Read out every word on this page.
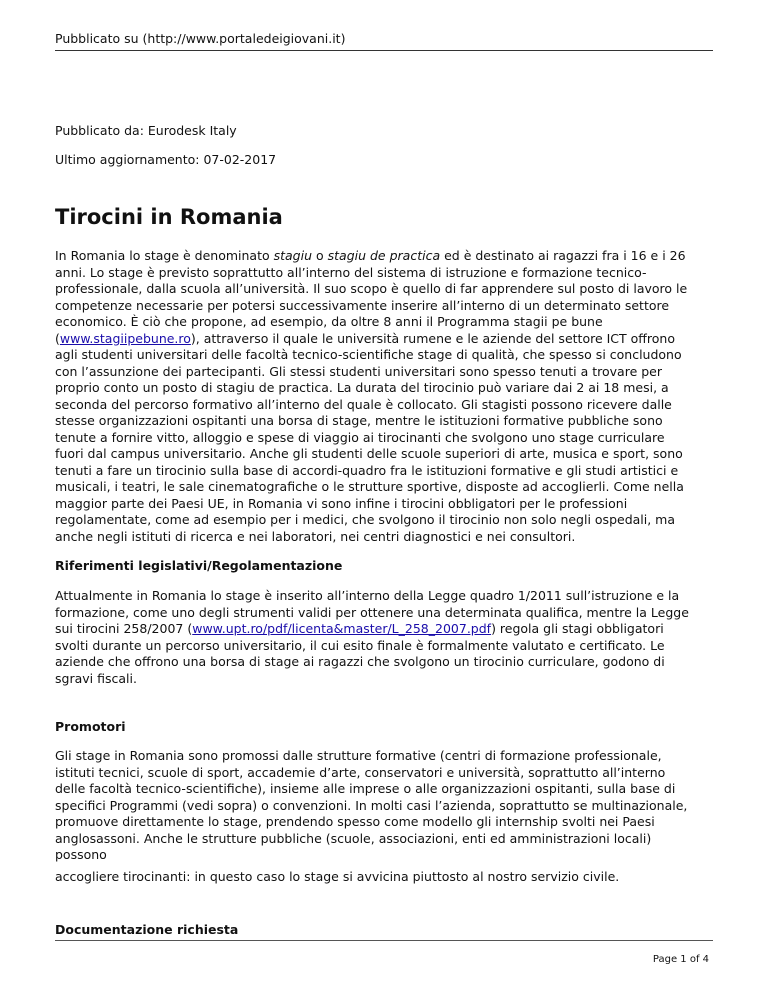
Pubblicato su (http://www.portaledeigiovani.it)
Pubblicato da: Eurodesk Italy
Ultimo aggiornamento: 07-02-2017
Tirocini in Romania
In Romania lo stage è denominato stagiu o stagiu de practica ed è destinato ai ragazzi fra i 16 e i 26
anni. Lo stage è previsto soprattutto all’interno del sistema di istruzione e formazione tecnico-
professionale, dalla scuola all’università. Il suo scopo è quello di far apprendere sul posto di lavoro le
competenze necessarie per potersi successivamente inserire all’interno di un determinato settore
economico. È ciò che propone, ad esempio, da oltre 8 anni il Programma stagii pe bune
(www.stagiipebune.ro), attraverso il quale le università rumene e le aziende del settore ICT offrono
agli studenti universitari delle facoltà tecnico-scientifiche stage di qualità, che spesso si concludono
con l’assunzione dei partecipanti. Gli stessi studenti universitari sono spesso tenuti a trovare per
proprio conto un posto di stagiu de practica. La durata del tirocinio può variare dai 2 ai 18 mesi, a
seconda del percorso formativo all’interno del quale è collocato. Gli stagisti possono ricevere dalle
stesse organizzazioni ospitanti una borsa di stage, mentre le istituzioni formative pubbliche sono
tenute a fornire vitto, alloggio e spese di viaggio ai tirocinanti che svolgono uno stage curriculare
fuori dal campus universitario. Anche gli studenti delle scuole superiori di arte, musica e sport, sono
tenuti a fare un tirocinio sulla base di accordi-quadro fra le istituzioni formative e gli studi artistici e
musicali, i teatri, le sale cinematografiche o le strutture sportive, disposte ad accoglierli. Come nella
maggior parte dei Paesi UE, in Romania vi sono infine i tirocini obbligatori per le professioni
regolamentate, come ad esempio per i medici, che svolgono il tirocinio non solo negli ospedali, ma
anche negli istituti di ricerca e nei laboratori, nei centri diagnostici e nei consultori.
Riferimenti legislativi/Regolamentazione
Attualmente in Romania lo stage è inserito all’interno della Legge quadro 1/2011 sull’istruzione e la
formazione, come uno degli strumenti validi per ottenere una determinata qualifica, mentre la Legge
sui tirocini 258/2007 (www.upt.ro/pdf/licenta&master/L_258_2007.pdf) regola gli stagi obbligatori
svolti durante un percorso universitario, il cui esito finale è formalmente valutato e certificato. Le
aziende che offrono una borsa di stage ai ragazzi che svolgono un tirocinio curriculare, godono di
sgravi fiscali.
Promotori
Gli stage in Romania sono promossi dalle strutture formative (centri di formazione professionale,
istituti tecnici, scuole di sport, accademie d’arte, conservatori e università, soprattutto all’interno
delle facoltà tecnico-scientifiche), insieme alle imprese o alle organizzazioni ospitanti, sulla base di
specifici Programmi (vedi sopra) o convenzioni. In molti casi l’azienda, soprattutto se multinazionale,
promuove direttamente lo stage, prendendo spesso come modello gli internship svolti nei Paesi
anglosassoni. Anche le strutture pubbliche (scuole, associazioni, enti ed amministrazioni locali)
possono
accogliere tirocinanti: in questo caso lo stage si avvicina piuttosto al nostro servizio civile.
Documentazione richiesta
Page 1 of 4
